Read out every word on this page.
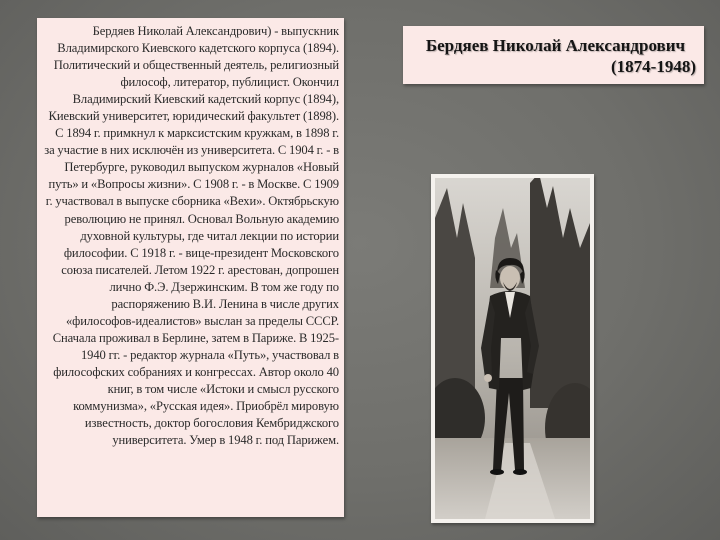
Бердяев Николай Александрович) - выпускник Владимирского Киевского кадетского корпуса (1894). Политический и общественный деятель, религиозный философ, литератор, публицист. Окончил Владимирский Киевский кадетский корпус (1894), Киевский университет, юридический факультет (1898). С 1894 г. примкнул к марксистским кружкам, в 1898 г. за участие в них исключён из университета. С 1904 г. - в Петербурге, руководил выпуском журналов «Новый путь» и «Вопросы жизни». С 1908 г. - в Москве. С 1909 г. участвовал в выпуске сборника «Вехи». Октябрьскую революцию не принял. Основал Вольную академию духовной культуры, где читал лекции по истории философии. С 1918 г. - вице-президент Московского союза писателей. Летом 1922 г. арестован, допрошен лично Ф.Э. Дзержинским. В том же году по распоряжению В.И. Ленина в числе других «философов-идеалистов» выслан за пределы СССР. Сначала проживал в Берлине, затем в Париже. В 1925-1940 гг. - редактор журнала «Путь», участвовал в философских собраниях и конгрессах. Автор около 40 книг, в том числе «Истоки и смысл русского коммунизма», «Русская идея». Приобрёл мировую известность, доктор богословия Кембриджского университета. Умер в 1948 г. под Парижем.

Бердяев Николай Александрович
(1874-1948)
